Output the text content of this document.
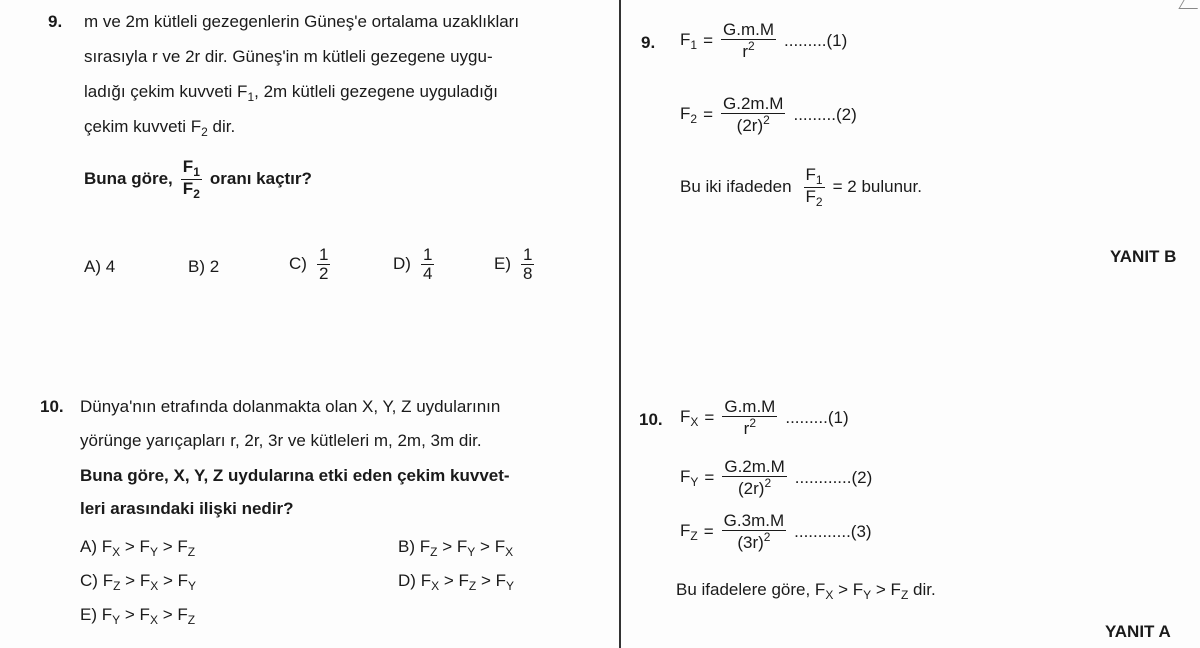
9. m ve 2m kütleli gezegenlerin Güneş'e ortalama uzaklıkları
sırasıyla r ve 2r dir. Güneş'in m kütleli gezegene uygu-
ladığı çekim kuvveti $F_1$, 2m kütleli gezegene uyguladığı
çekim kuvveti $F_2$ dir.
Buna göre, $\frac{F_1}{F_2}$ oranı kaçtır?
A) 4	B) 2	$C) \frac{1}{2}$	$D) \frac{1}{4}$	$E) \frac{1}{8}$
10. Dünya'nın etrafında dolanmakta olan X, Y, Z uydularının
yörünge yarıçapları r, 2r, 3r ve kütleleri m, 2m, 3m dir.
Buna göre, X, Y, Z uydularına etki eden çekim kuvvet-
leri arasındaki ilişki nedir?
A) $F_X > F_Y > F_Z$	B) $F_Z > F_Y > F_X$
C) $F_Z > F_X > F_Y$	D) $F_X > F_Z > F_Y$
E) $F_Y > F_X > F_Z$
9. $F_1 = \frac{G.m.M}{r^2} .........(1)$
$F_2 = \frac{G.2m.M}{(2r)^2} .........(2)$
Bu iki ifadeden $\frac{F_1}{F_2} = 2$ bulunur.
YANIT B
10. $F_X = \frac{G.m.M}{r^2} .........(1)$
$F_Y = \frac{G.2m.M}{(2r)^2} ............(2)$
$F_Z = \frac{G.3m.M}{(3r)^2} ............(3)$
Bu ifadelere göre, $F_X > F_Y > F_Z$ dir.
YANIT A
